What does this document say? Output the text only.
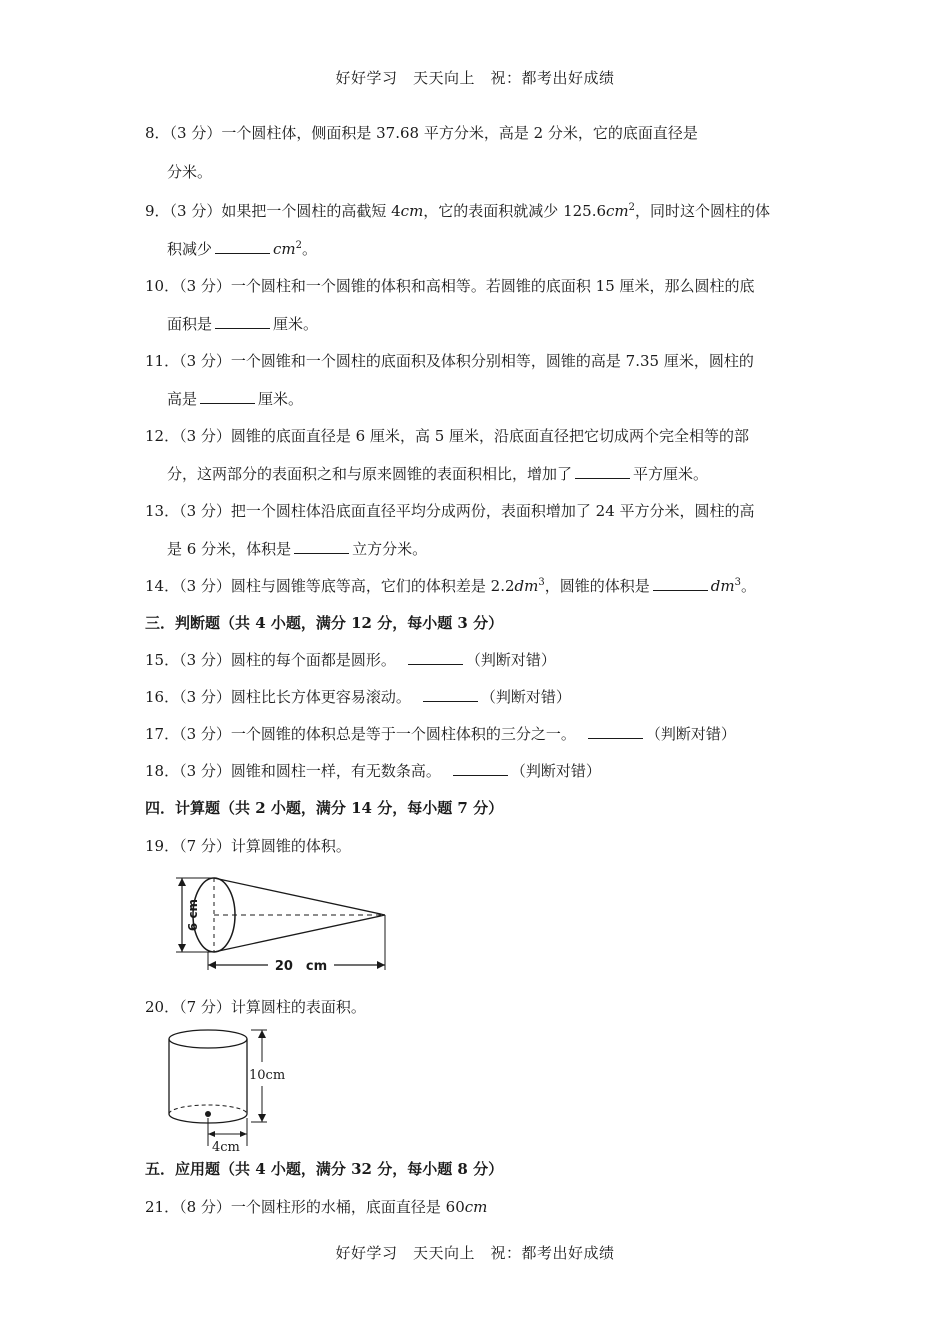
好好学习　天天向上　祝：都考出好成绩
8．（3 分）一个圆柱体，侧面积是 37.68 平方分米，高是 2 分米，它的底面直径是
分米。
9．（3 分）如果把一个圆柱的高截短 4cm，它的表面积就减少 $125.6cm^2$，同时这个圆柱的体
积减少	$cm^2$。
10．（3 分）一个圆柱和一个圆锥的体积和高相等。若圆锥的底面积 15 厘米，那么圆柱的底
面积是	厘米。
11．（3 分）一个圆锥和一个圆柱的底面积及体积分别相等，圆锥的高是 7.35 厘米，圆柱的
高是	厘米。
12．（3 分）圆锥的底面直径是 6 厘米，高 5 厘米，沿底面直径把它切成两个完全相等的部
分，这两部分的表面积之和与原来圆锥的表面积相比，增加了	平方厘米。
13．（3 分）把一个圆柱体沿底面直径平均分成两份，表面积增加了 24 平方分米，圆柱的高
是 6 分米，体积是	立方分米。
14．（3 分）圆柱与圆锥等底等高，它们的体积差是 $2.2dm^3$，圆锥的体积是	$dm^3$。
三．判断题（共 4 小题，满分 12 分，每小题 3 分）
15．（3 分）圆柱的每个面都是圆形。	（判断对错）
16．（3 分）圆柱比长方体更容易滚动。	（判断对错）
17．（3 分）一个圆锥的体积总是等于一个圆柱体积的三分之一。	（判断对错）
18．（3 分）圆锥和圆柱一样，有无数条高。	（判断对错）
四．计算题（共 2 小题，满分 14 分，每小题 7 分）
19．（7 分）计算圆锥的体积。
20　cm
6 cm
20．（7 分）计算圆柱的表面积。
10cm
4cm
五．应用题（共 4 小题，满分 32 分，每小题 8 分）
21．（8 分）一个圆柱形的水桶，底面直径是 60cm
好好学习　天天向上　祝：都考出好成绩
